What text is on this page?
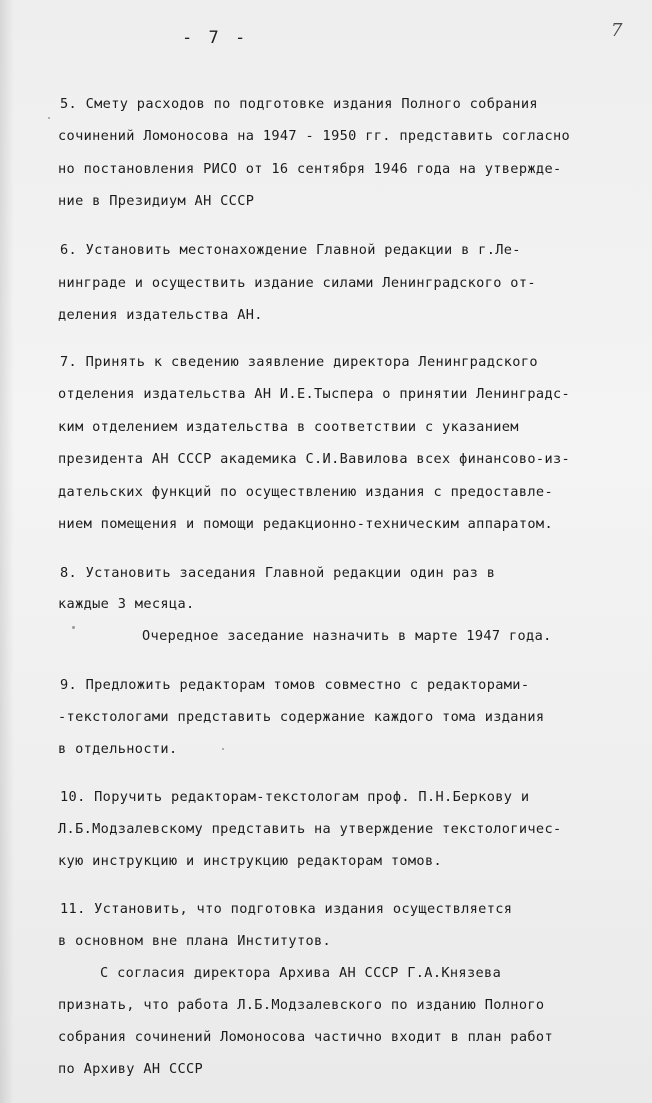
- 7 -	7
5. Смету расходов по подготовке издания Полного собрания
сочинений Ломоносова на 1947 - 1950 гг. представить согласно
но постановления РИСО от 16 сентября 1946 года на утвержде-
ние в Президиум АН СССР
6. Установить местонахождение Главной редакции в г.Ле-
нинграде и осуществить издание силами Ленинградского от-
деления издательства АН.
7. Принять к сведению заявление директора Ленинградского
отделения издательства АН И.Е.Тыспера о принятии Ленинградс-
ким отделением издательства в соответствии с указанием
президента АН СССР академика С.И.Вавилова всех финансово-из-
дательских функций по осуществлению издания с предоставле-
нием помещения и помощи редакционно-техническим аппаратом.
8. Установить заседания Главной редакции один раз в
каждые 3 месяца.
Очередное заседание назначить в марте 1947 года.
9. Предложить редакторам томов совместно с редакторами-
-текстологами представить содержание каждого тома издания
в отдельности.
10. Поручить редакторам-текстологам проф. П.Н.Беркову и
Л.Б.Модзалевскому представить на утверждение текстологичес-
кую инструкцию и инструкцию редакторам томов.
11. Установить, что подготовка издания осуществляется
в основном вне плана Институтов.
С согласия директора Архива АН СССР Г.А.Князева
признать, что работа Л.Б.Модзалевского по изданию Полного
собрания сочинений Ломоносова частично входит в план работ
по Архиву АН СССР
